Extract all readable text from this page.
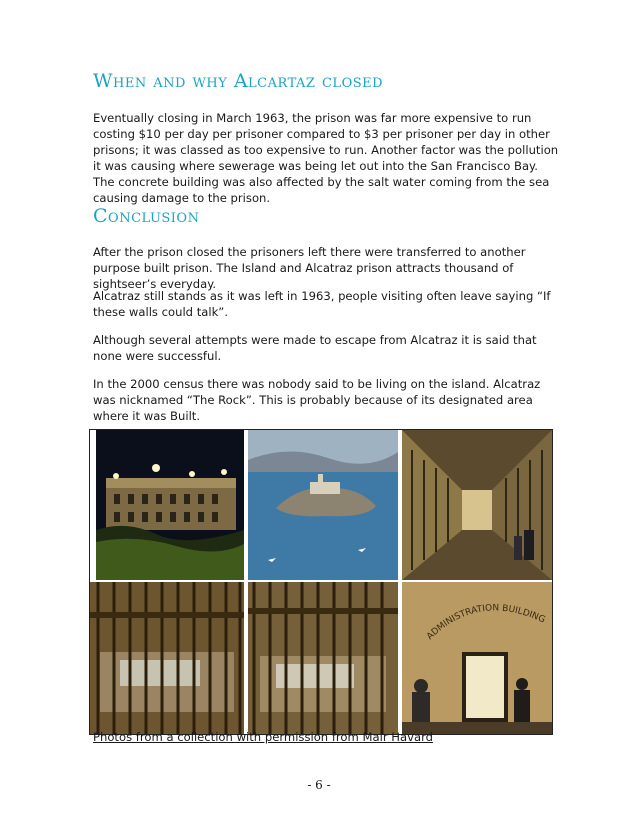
When and why Alcartaz closed

Eventually closing in March 1963, the prison was far more expensive to run costing $10 per day per prisoner compared to $3 per prisoner per day in other prisons; it was classed as too expensive to run. Another factor was the pollution it was causing where sewerage was being let out into the San Francisco Bay. The concrete building was also affected by the salt water coming from the sea causing damage to the prison.

Conclusion

After the prison closed the prisoners left there were transferred to another purpose built prison. The Island and Alcatraz prison attracts thousand of sightseer’s everyday.

Alcatraz still stands as it was left in 1963, people visiting often leave saying “If these walls could talk”.

Although several attempts were made to escape from Alcatraz it is said that none were successful.

In the 2000 census there was nobody said to be living on the island. Alcatraz was nicknamed “The Rock”. This is probably because of its designated area where it was Built.

ADMINISTRATION BUILDING

Photos from a collection with permission from Mair Havard

- 6 -
